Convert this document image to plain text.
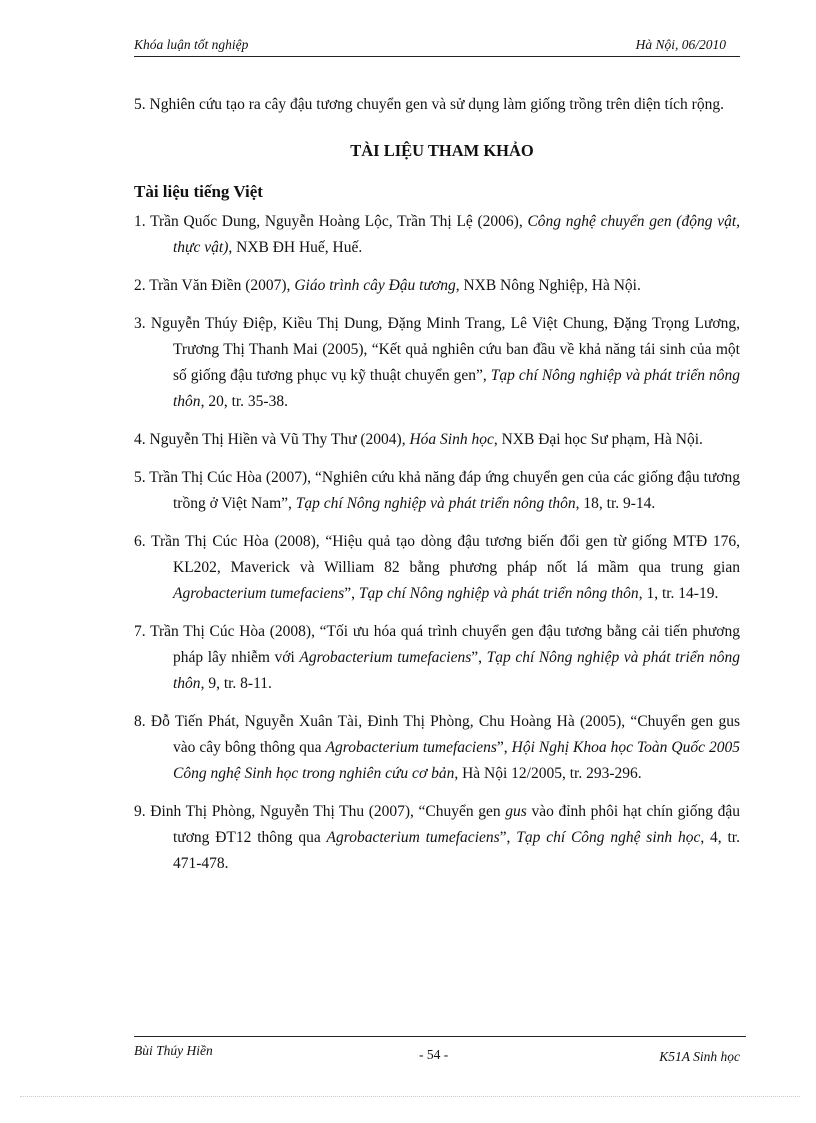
Khóa luận tốt nghiệp	Hà Nội, 06/2010
5. Nghiên cứu tạo ra cây đậu tương chuyển gen và sử dụng làm giống trồng trên diện tích rộng.
TÀI LIỆU THAM KHẢO
Tài liệu tiếng Việt
1. Trần Quốc Dung, Nguyễn Hoàng Lộc, Trần Thị Lệ (2006), Công nghệ chuyển gen (động vật, thực vật), NXB ĐH Huế, Huế.
2. Trần Văn Điền (2007), Giáo trình cây Đậu tương, NXB Nông Nghiệp, Hà Nội.
3. Nguyễn Thúy Điệp, Kiều Thị Dung, Đặng Minh Trang, Lê Việt Chung, Đặng Trọng Lương, Trương Thị Thanh Mai (2005), “Kết quả nghiên cứu ban đầu về khả năng tái sinh của một số giống đậu tương phục vụ kỹ thuật chuyển gen”, Tạp chí Nông nghiệp và phát triển nông thôn, 20, tr. 35-38.
4. Nguyễn Thị Hiền và Vũ Thy Thư (2004), Hóa Sinh học, NXB Đại học Sư phạm, Hà Nội.
5. Trần Thị Cúc Hòa (2007), “Nghiên cứu khả năng đáp ứng chuyển gen của các giống đậu tương trồng ở Việt Nam”, Tạp chí Nông nghiệp và phát triển nông thôn, 18, tr. 9-14.
6. Trần Thị Cúc Hòa (2008), “Hiệu quả tạo dòng đậu tương biến đổi gen từ giống MTĐ 176, KL202, Maverick và William 82 bằng phương pháp nốt lá mầm qua trung gian Agrobacterium tumefaciens”, Tạp chí Nông nghiệp và phát triển nông thôn, 1, tr. 14-19.
7. Trần Thị Cúc Hòa (2008), “Tối ưu hóa quá trình chuyển gen đậu tương bằng cải tiến phương pháp lây nhiễm với Agrobacterium tumefaciens”, Tạp chí Nông nghiệp và phát triển nông thôn, 9, tr. 8-11.
8. Đỗ Tiến Phát, Nguyễn Xuân Tài, Đinh Thị Phòng, Chu Hoàng Hà (2005), “Chuyển gen gus vào cây bông thông qua Agrobacterium tumefaciens”, Hội Nghị Khoa học Toàn Quốc 2005 Công nghệ Sinh học trong nghiên cứu cơ bản, Hà Nội 12/2005, tr. 293-296.
9. Đinh Thị Phòng, Nguyễn Thị Thu (2007), “Chuyển gen gus vào đỉnh phôi hạt chín giống đậu tương ĐT12 thông qua Agrobacterium tumefaciens”, Tạp chí Công nghệ sinh học, 4, tr. 471-478.
Bùi Thúy Hiền	- 54 -	K51A Sinh học
